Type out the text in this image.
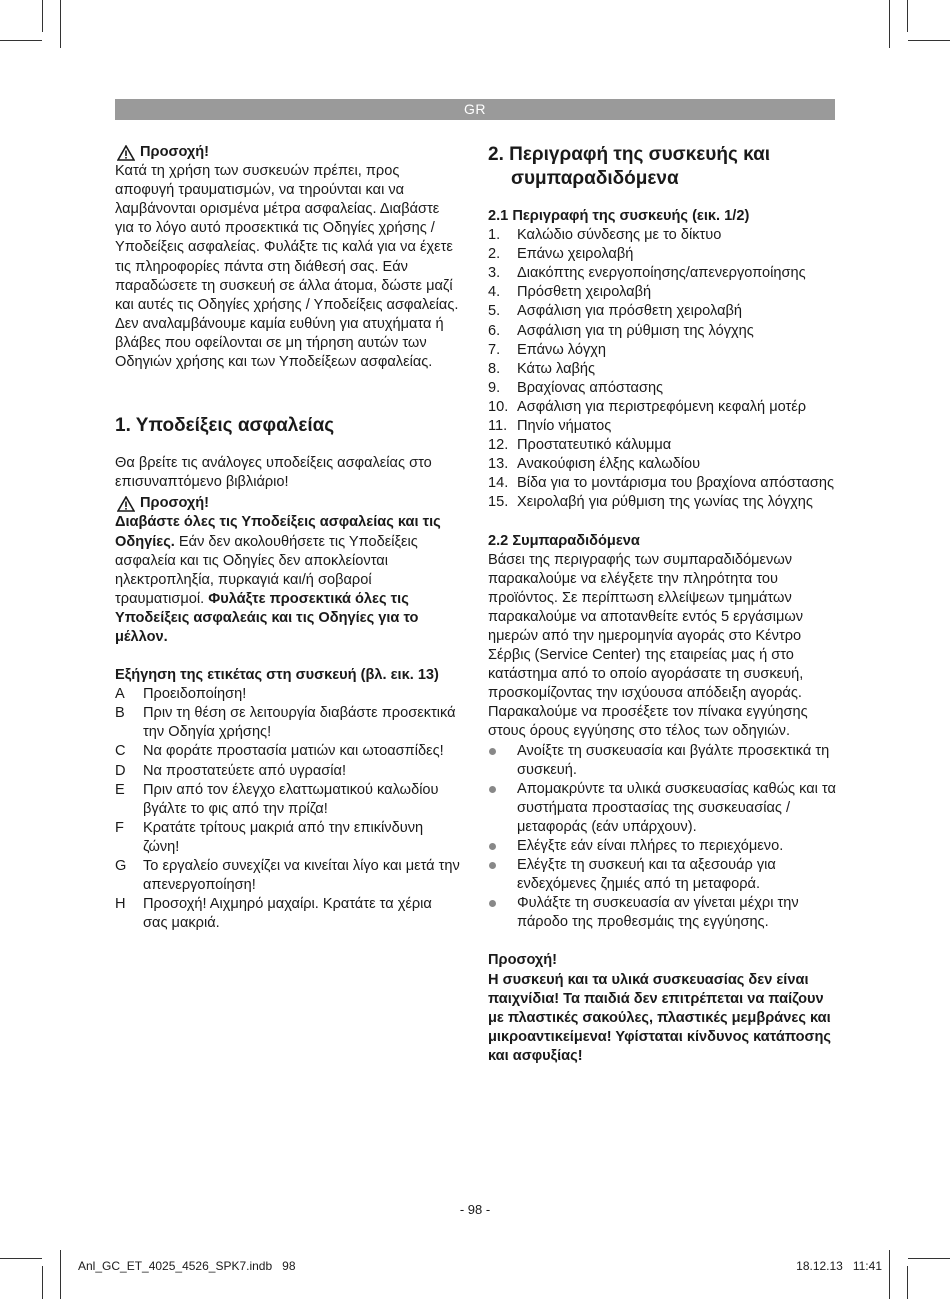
GR
Προσοχή!

Κατά τη χρήση των συσκευών πρέπει, προς αποφυγή τραυματισμών, να τηρούνται και να λαμβάνονται ορισμένα μέτρα ασφαλείας. Διαβάστε για το λόγο αυτό προσεκτικά τις Οδηγίες χρήσης / Υποδείξεις ασφαλείας. Φυλάξτε τις καλά για να έχετε τις πληροφορίες πάντα στη διάθεσή σας. Εάν παραδώσετε τη συσκευή σε άλλα άτομα, δώστε μαζί και αυτές τις Οδηγίες χρήσης / Υποδείξεις ασφαλείας. Δεν αναλαμβάνουμε καμία ευθύνη για ατυχήματα ή βλάβες που οφείλονται σε μη τήρηση αυτών των Οδηγιών χρήσης και των Υποδείξεων ασφαλείας.

1. Υποδείξεις ασφαλείας

Θα βρείτε τις ανάλογες υποδείξεις ασφαλείας στο επισυναπτόμενο βιβλιάριο!

Προσοχή!

Διαβάστε όλες τις Υποδείξεις ασφαλείας και τις Οδηγίες. Εάν δεν ακολουθήσετε τις Υποδείξεις ασφαλεία και τις Οδηγίες δεν αποκλείονται ηλεκτροπληξία, πυρκαγιά και/ή σοβαροί τραυματισμοί. Φυλάξτε προσεκτικά όλες τις Υποδείξεις ασφαλεάις και τις Οδηγίες για το μέλλον.

Εξήγηση της ετικέτας στη συσκευή (βλ. εικ. 13)

A	Προειδοποίηση!
B	Πριν τη θέση σε λειτουργία διαβάστε προσεκτικά την Οδηγία χρήσης!
C	Να φοράτε προστασία ματιών και ωτοασπίδες!
D	Να προστατεύετε από υγρασία!
E	Πριν από τον έλεγχο ελαττωματικού καλωδίου βγάλτε το φις από την πρίζα!
F	Κρατάτε τρίτους μακριά από την επικίνδυνη ζώνη!
G	Το εργαλείο συνεχίζει να κινείται λίγο και μετά την απενεργοποίηση!
H	Προσοχή! Αιχμηρό μαχαίρι. Κρατάτε τα χέρια σας μακριά.
2. Περιγραφή της συσκευής και συμπαραδιδόμενα

2.1 Περιγραφή της συσκευής (εικ. 1/2)

1.	Καλώδιο σύνδεσης με το δίκτυο
2.	Επάνω χειρολαβή
3.	Διακόπτης ενεργοποίησης/απενεργοποίησης
4.	Πρόσθετη χειρολαβή
5.	Ασφάλιση για πρόσθετη χειρολαβή
6.	Ασφάλιση για τη ρύθμιση της λόγχης
7.	Επάνω λόγχη
8.	Κάτω λαβής
9.	Βραχίονας απόστασης
10. Ασφάλιση για περιστρεφόμενη κεφαλή μοτέρ
11. Πηνίο νήματος
12. Προστατευτικό κάλυμμα
13. Ανακούφιση έλξης καλωδίου
14. Βίδα για το μοντάρισμα του βραχίονα απόστασης
15. Χειρολαβή για ρύθμιση της γωνίας της λόγχης

2.2 Συμπαραδιδόμενα

Βάσει της περιγραφής των συμπαραδιδόμενων παρακαλούμε να ελέγξετε την πληρότητα του προϊόντος. Σε περίπτωση ελλείψεων τμημάτων παρακαλούμε να αποτανθείτε εντός 5 εργάσιμων ημερών από την ημερομηνία αγοράς στο Κέντρο Σέρβις (Service Center) της εταιρείας μας ή στο κατάστημα από το οποίο αγοράσατε τη συσκευή, προσκομίζοντας την ισχύουσα απόδειξη αγοράς. Παρακαλούμε να προσέξετε τον πίνακα εγγύησης στους όρους εγγύησης στο τέλος των οδηγιών.

Ανοίξτε τη συσκευασία και βγάλτε προσεκτικά τη συσκευή.
Απομακρύντε τα υλικά συσκευασίας καθώς και τα συστήματα προστασίας της συσκευασίας / μεταφοράς (εάν υπάρχουν).
Ελέγξτε εάν είναι πλήρες το περιεχόμενο.
Ελέγξτε τη συσκευή και τα αξεσουάρ για ενδεχόμενες ζημιές από τη μεταφορά.
Φυλάξτε τη συσκευασία αν γίνεται μέχρι την πάροδο της προθεσμάις της εγγύησης.

Προσοχή!

Η συσκευή και τα υλικά συσκευασίας δεν είναι παιχνίδια! Τα παιδιά δεν επιτρέπεται να παίζουν με πλαστικές σακούλες, πλαστικές μεμβράνες και μικροαντικείμενα! Υφίσταται κίνδυνος κατάποσης και ασφυξίας!

- 98 -
Anl_GC_ET_4025_4526_SPK7.indb   98	18.12.13   11:41
